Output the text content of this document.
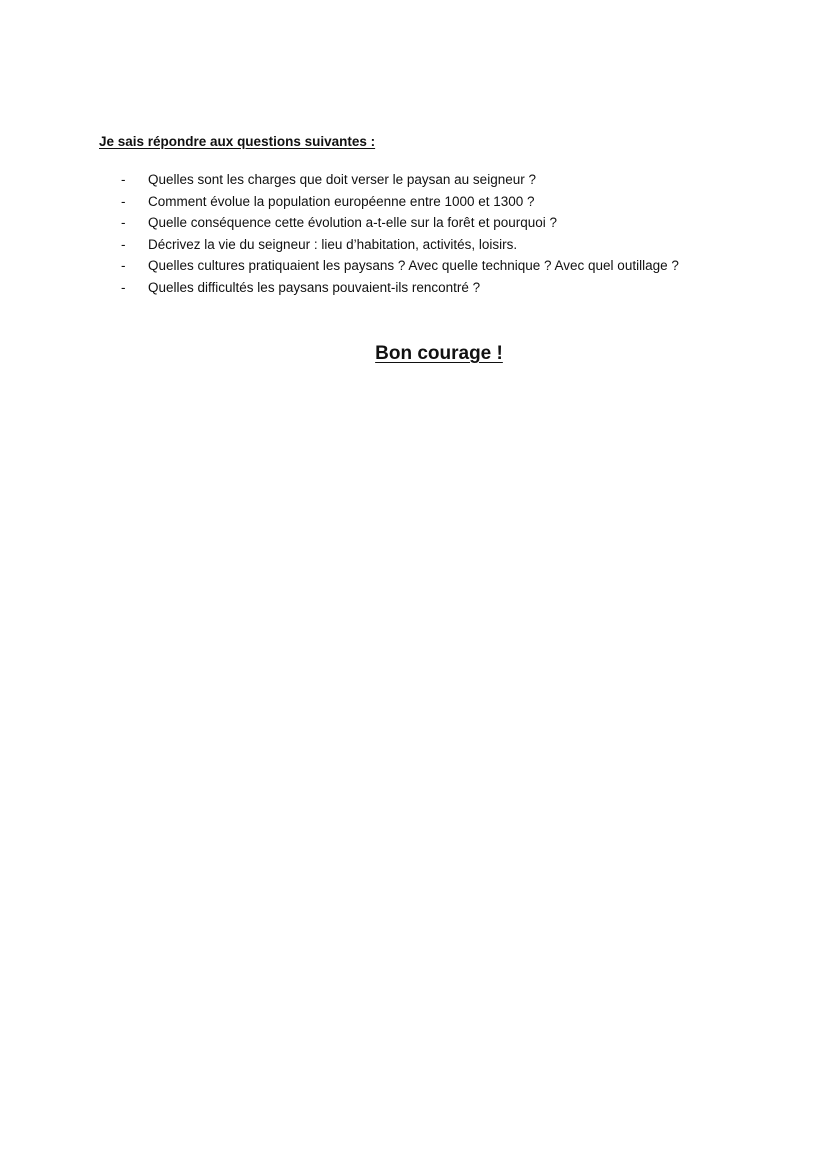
Je sais répondre aux questions suivantes :
- Quelles sont les charges que doit verser le paysan au seigneur ?
- Comment évolue la population européenne entre 1000 et 1300 ?
- Quelle conséquence cette évolution a-t-elle sur la forêt et pourquoi ?
- Décrivez la vie du seigneur : lieu d’habitation, activités, loisirs.
- Quelles cultures pratiquaient les paysans ? Avec quelle technique ? Avec quel outillage ?
- Quelles difficultés les paysans pouvaient-ils rencontré ?
Bon courage !
